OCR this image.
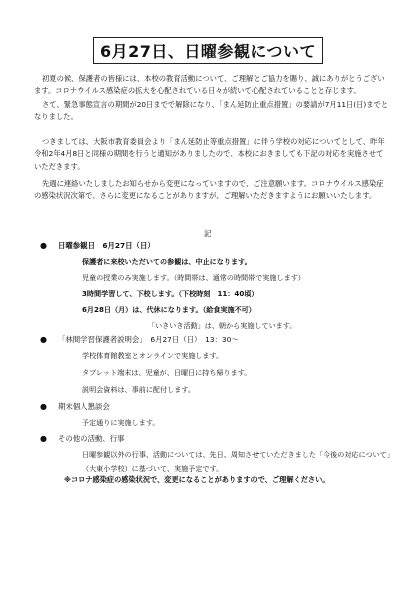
6月27日、日曜参観について

初夏の候、保護者の皆様には、本校の教育活動について、ご理解とご協力を賜り、誠にありがとうございます。コロナウイルス感染症の拡大を心配されている日々が続いて心配されていることと存じます。

さて、緊急事態宣言の期間が20日までで解除になり、「まん延防止重点措置」の要請が7月11日(日)までとなりました。

つきましては、大阪市教育委員会より「まん延防止等重点措置」に伴う学校の対応についてとして、昨年令和2年4月8日と同様の期間を行うと通知がありましたので、本校におきましても下記の対応を実施させていただきます。

先週に連絡いたしましたお知らせから変更になっていますので、ご注意願います。コロナウイルス感染症の感染状況次第で、さらに変更になることがありますが、ご理解いただきますようにお願いいたします。

記
● 日曜参観日　6月27日（日）
保護者に来校いただいての参観は、中止になります。
児童の授業のみ実施します。（時間帯は、通常の時間帯で実施します）
3時間学習して、下校します。（下校時刻　11：40頃）
6月28日（月）は、代休になります。（給食実施不可）
「いきいき活動」は、朝から実施しています。
● 「林間学習保護者説明会」　6月27日（日）　13：30～
学校体育館教室とオンラインで実施します。
タブレット端末は、児童が、日曜日に持ち帰ります。
説明会資料は、事前に配付します。
● 期末個人懇談会
予定通りに実施します。
● その他の活動、行事
日曜参観以外の行事、活動については、先日、周知させていただきました「今後の対応について」（大東小学校）に基づいて、実施予定です。
※コロナ感染症の感染状況で、変更になることがありますので、ご理解ください。
